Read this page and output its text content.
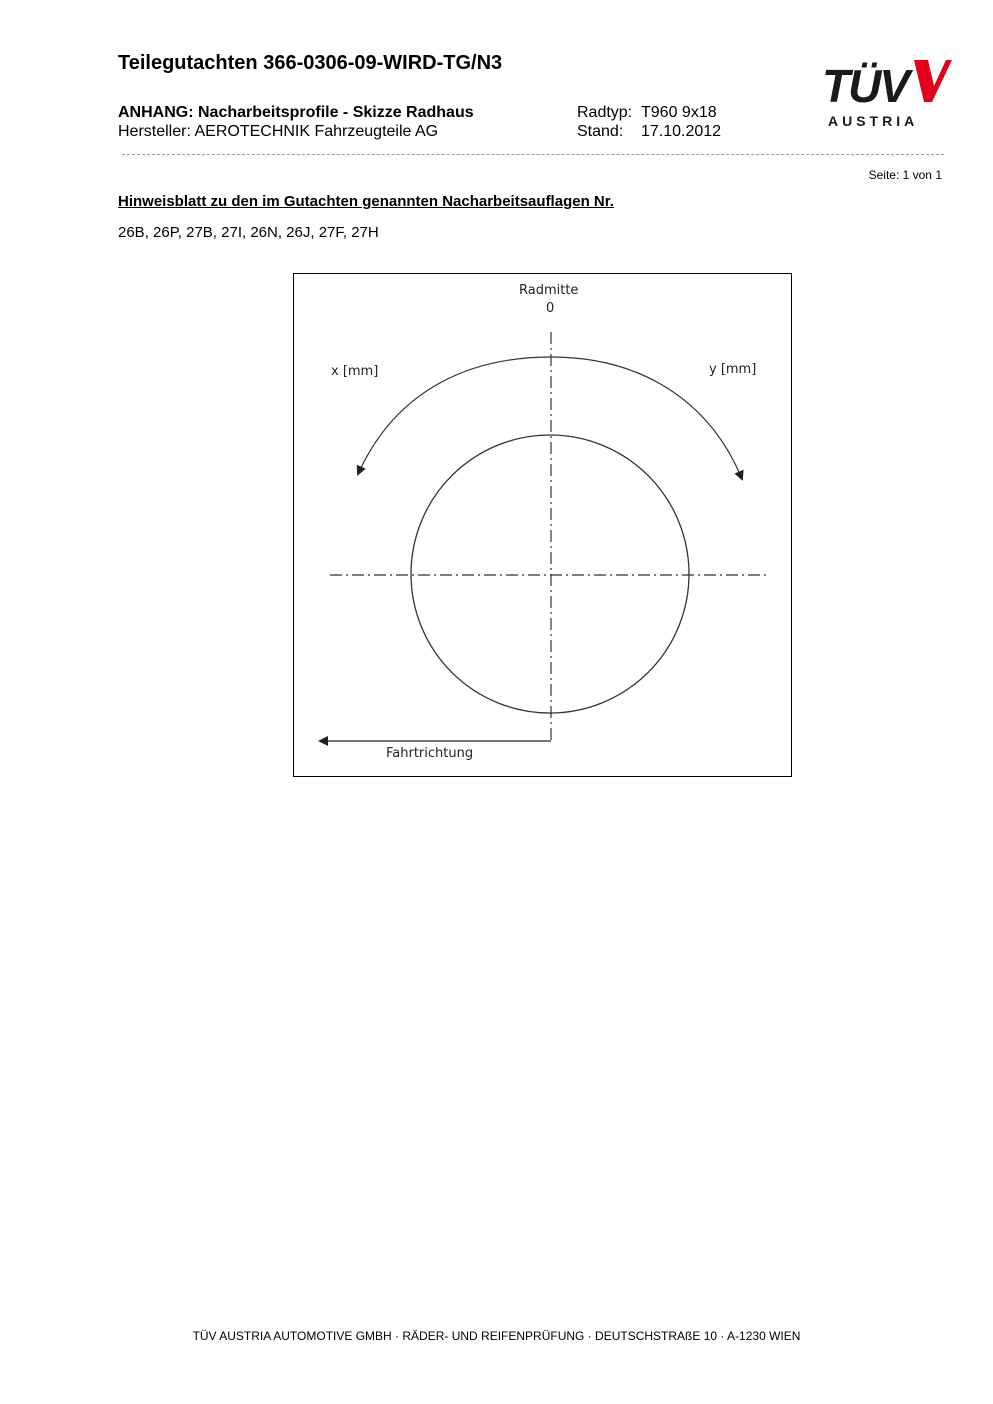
Teilegutachten 366-0306-09-WIRD-TG/N3
ANHANG: Nacharbeitsprofile - Skizze Radhaus
Hersteller: AEROTECHNIK Fahrzeugteile AG
Radtyp: T960 9x18
Stand: 17.10.2012
TÜV
AUSTRIA
Seite: 1 von 1
Hinweisblatt zu den im Gutachten genannten Nacharbeitsauflagen Nr.
26B, 26P, 27B, 27I, 26N, 26J, 27F, 27H
Radmitte
0
x [mm]	y [mm]
Fahrtrichtung
TÜV AUSTRIA AUTOMOTIVE GMBH · RÄDER- UND REIFENPRÜFUNG · DEUTSCHSTRAßE 10 · A-1230 WIEN
